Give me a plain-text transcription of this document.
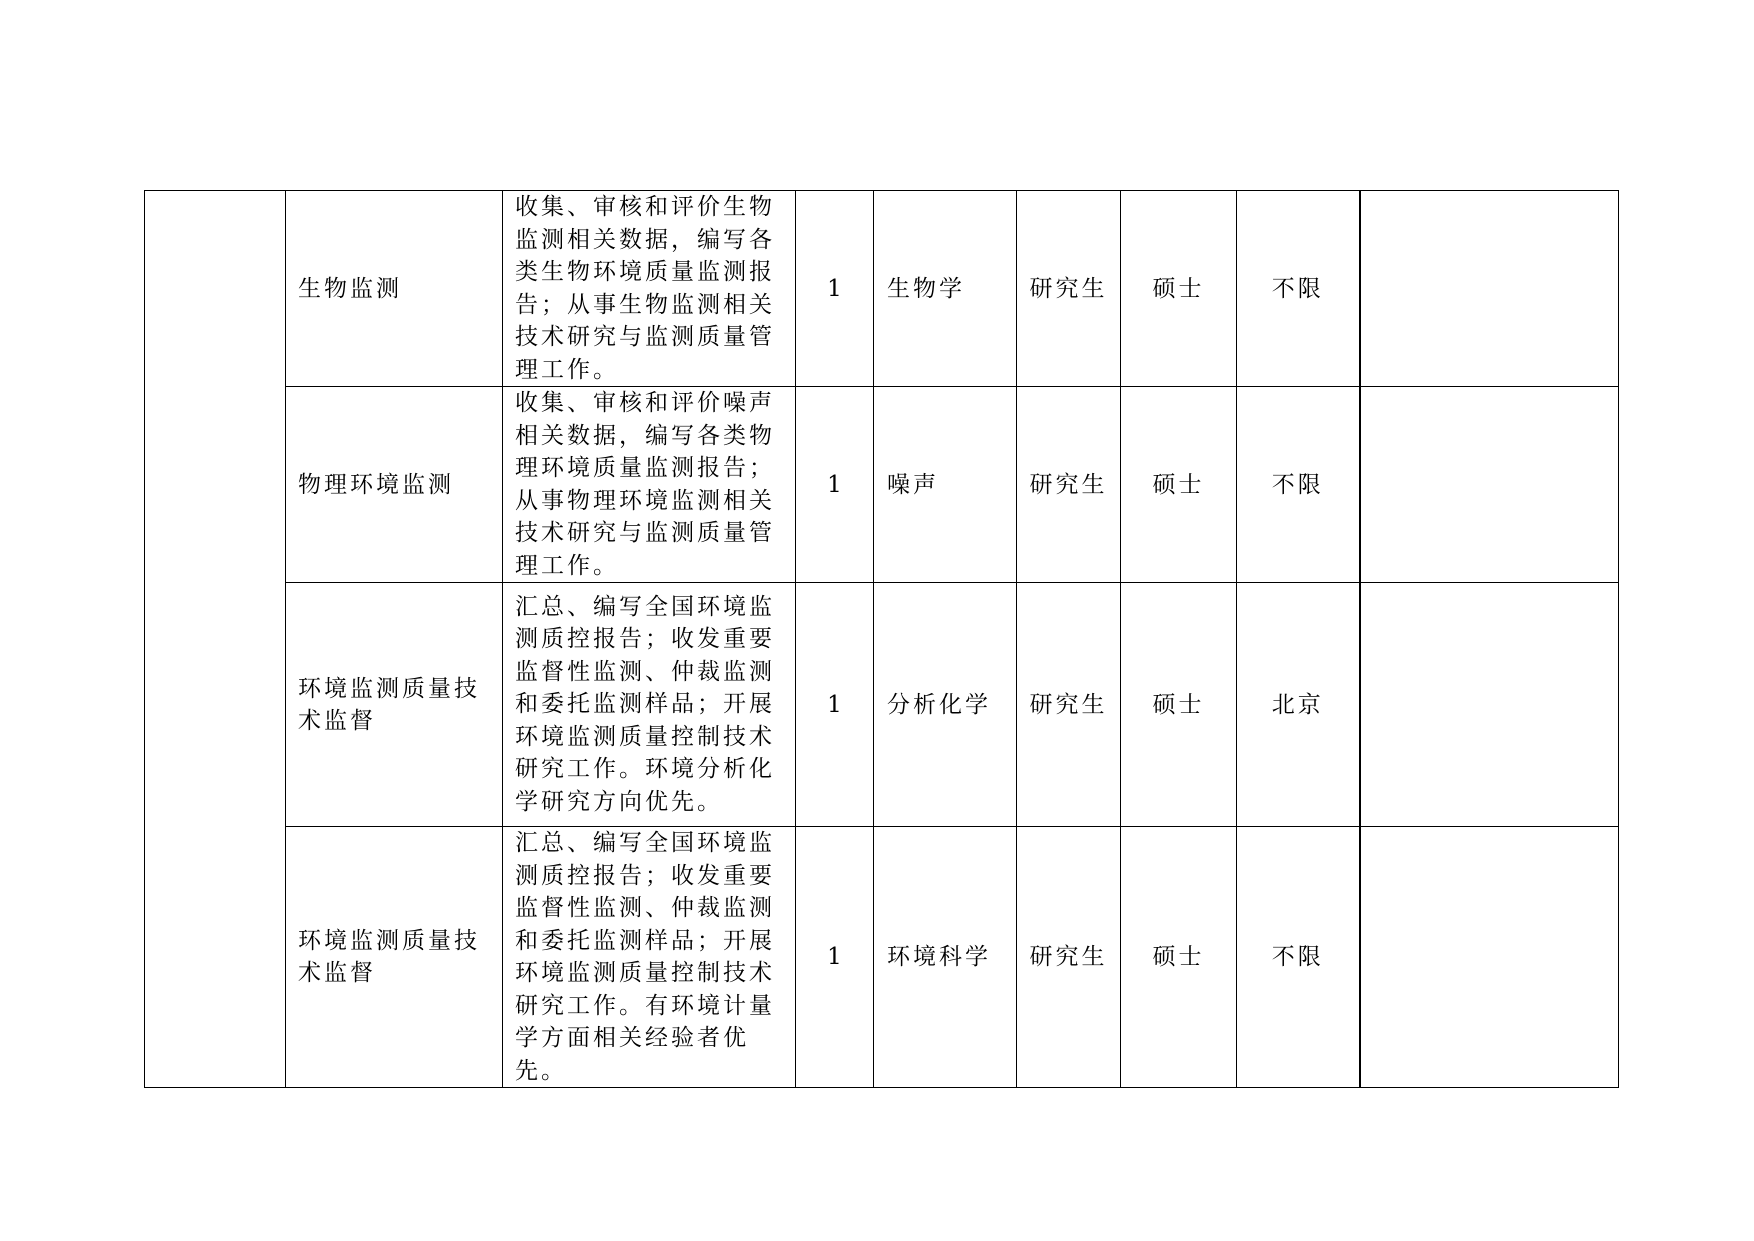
	生物监测	收集、审核和评价生物监测相关数据，编写各类生物环境质量监测报告；从事生物监测相关技术研究与监测质量管理工作。	1	生物学	研究生	硕士	不限	
	物理环境监测	收集、审核和评价噪声相关数据，编写各类物理环境质量监测报告；从事物理环境监测相关技术研究与监测质量管理工作。	1	噪声	研究生	硕士	不限	
	环境监测质量技术监督	汇总、编写全国环境监测质控报告；收发重要监督性监测、仲裁监测和委托监测样品；开展环境监测质量控制技术研究工作。环境分析化学研究方向优先。	1	分析化学	研究生	硕士	北京	
	环境监测质量技术监督	汇总、编写全国环境监测质控报告；收发重要监督性监测、仲裁监测和委托监测样品；开展环境监测质量控制技术研究工作。有环境计量学方面相关经验者优先。	1	环境科学	研究生	硕士	不限	
